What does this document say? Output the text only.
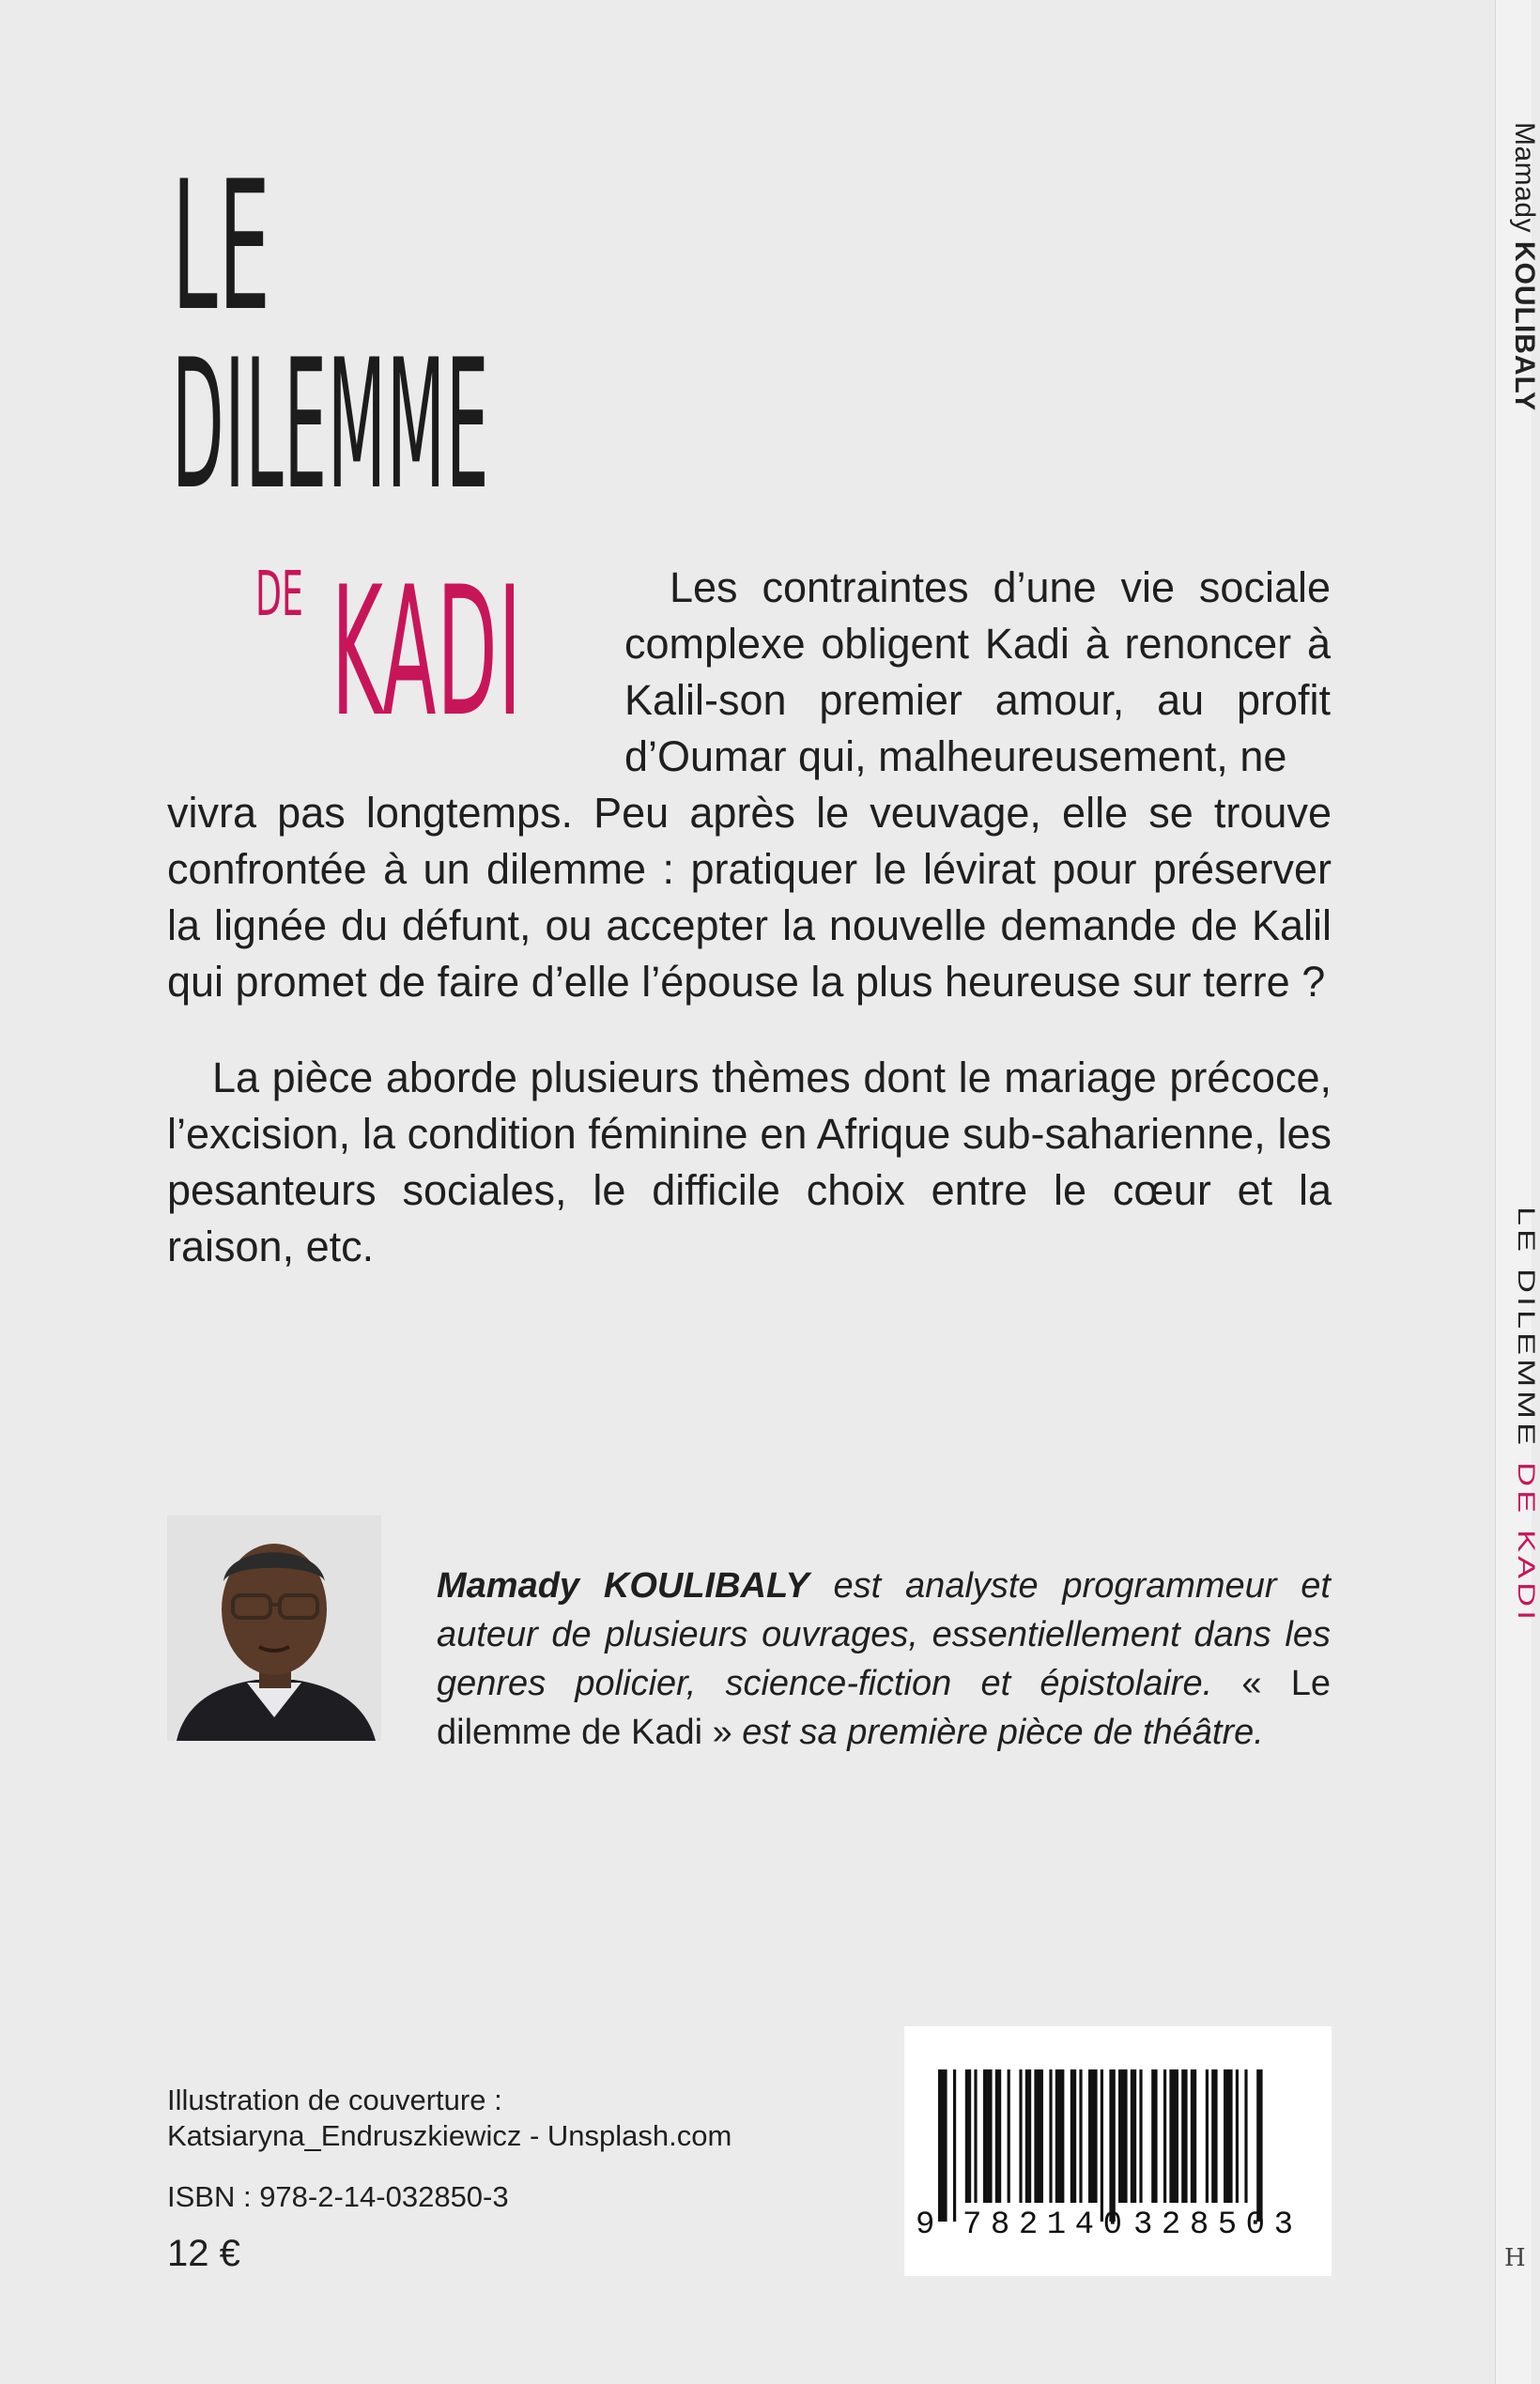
Mamady KOULIBALY
LE DILEMME DE KADI
H
LE
DILEMME
DE KADI	Les contraintes d’une vie sociale complexe obligent Kadi à renoncer à Kalil-son premier amour, au profit d’Oumar qui, malheureusement, ne
vivra pas longtemps. Peu après le veuvage, elle se trouve confrontée à un dilemme : pratiquer le lévirat pour préserver la lignée du défunt, ou accepter la nouvelle demande de Kalil qui promet de faire d’elle l’épouse la plus heureuse sur terre ?
La pièce aborde plusieurs thèmes dont le mariage précoce, l’excision, la condition féminine en Afrique sub-saharienne, les pesanteurs sociales, le difficile choix entre le cœur et la raison, etc.
Mamady KOULIBALY est analyste programmeur et auteur de plusieurs ouvrages, essentiellement dans les genres policier, science-fiction et épistolaire. « Le dilemme de Kadi » est sa première pièce de théâtre.
Illustration de couverture :
Katsiaryna_Endruszkiewicz - Unsplash.com
ISBN : 978-2-14-032850-3
12 €
9 782140 328503
